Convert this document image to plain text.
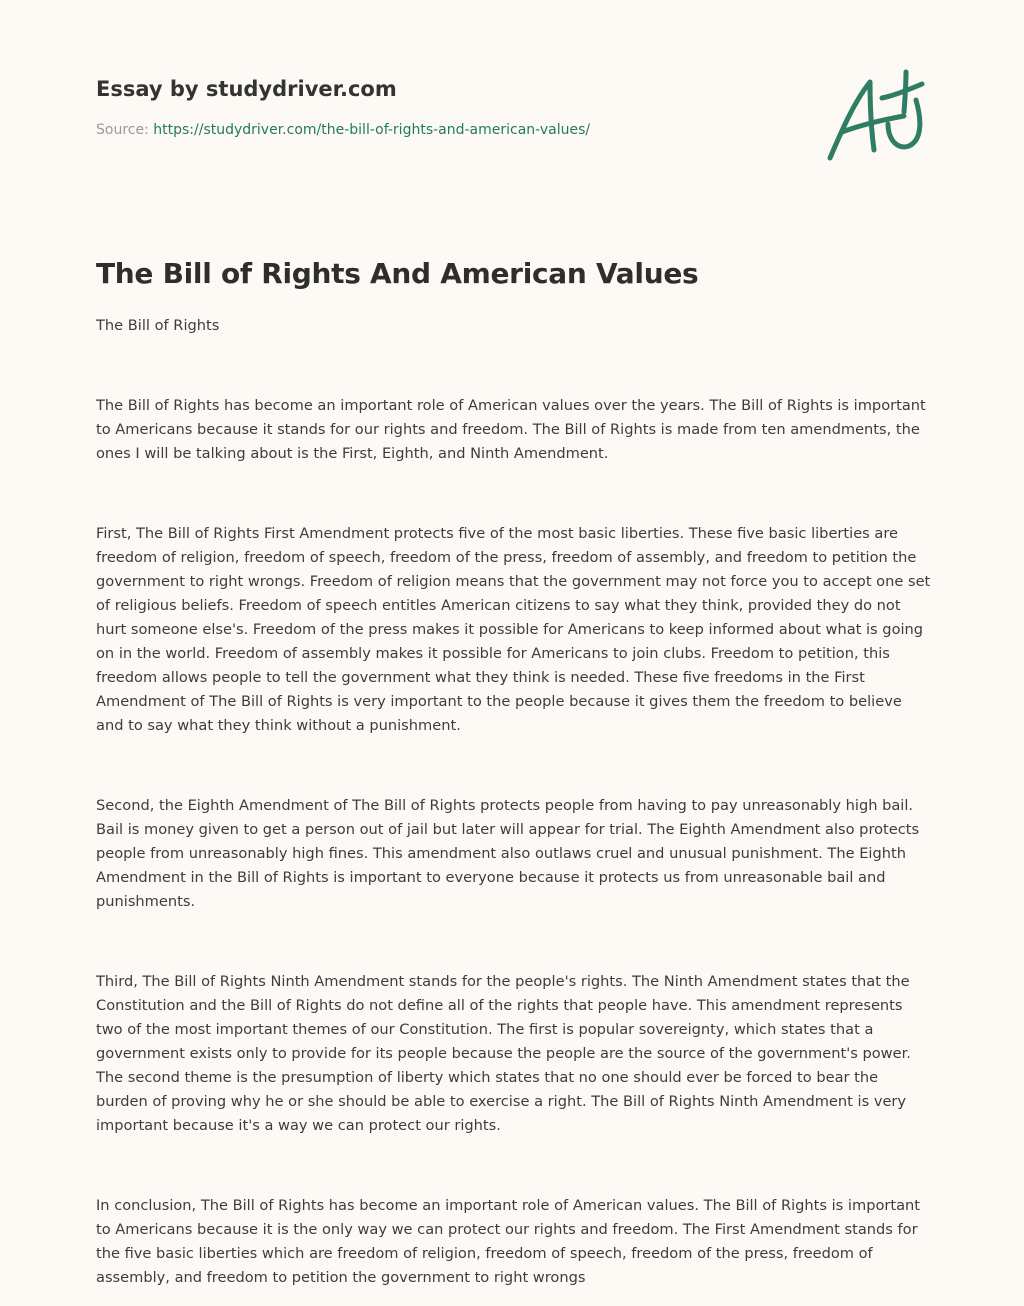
Essay by studydriver.com
Source: https://studydriver.com/the-bill-of-rights-and-american-values/
The Bill of Rights And American Values

The Bill of Rights

The Bill of Rights has become an important role of American values over the years. The Bill of Rights is important to Americans because it stands for our rights and freedom. The Bill of Rights is made from ten amendments, the ones I will be talking about is the First, Eighth, and Ninth Amendment.

First, The Bill of Rights First Amendment protects five of the most basic liberties. These five basic liberties are freedom of religion, freedom of speech, freedom of the press, freedom of assembly, and freedom to petition the government to right wrongs. Freedom of religion means that the government may not force you to accept one set of religious beliefs. Freedom of speech entitles American citizens to say what they think, provided they do not hurt someone else's. Freedom of the press makes it possible for Americans to keep informed about what is going on in the world. Freedom of assembly makes it possible for Americans to join clubs. Freedom to petition, this freedom allows people to tell the government what they think is needed. These five freedoms in the First Amendment of The Bill of Rights is very important to the people because it gives them the freedom to believe and to say what they think without a punishment.

Second, the Eighth Amendment of The Bill of Rights protects people from having to pay unreasonably high bail. Bail is money given to get a person out of jail but later will appear for trial. The Eighth Amendment also protects people from unreasonably high fines. This amendment also outlaws cruel and unusual punishment. The Eighth Amendment in the Bill of Rights is important to everyone because it protects us from unreasonable bail and punishments.

Third, The Bill of Rights Ninth Amendment stands for the people's rights. The Ninth Amendment states that the Constitution and the Bill of Rights do not define all of the rights that people have. This amendment represents two of the most important themes of our Constitution. The first is popular sovereignty, which states that a government exists only to provide for its people because the people are the source of the government's power. The second theme is the presumption of liberty which states that no one should ever be forced to bear the burden of proving why he or she should be able to exercise a right. The Bill of Rights Ninth Amendment is very important because it's a way we can protect our rights.

In conclusion, The Bill of Rights has become an important role of American values. The Bill of Rights is important to Americans because it is the only way we can protect our rights and freedom. The First Amendment stands for the five basic liberties which are freedom of religion, freedom of speech, freedom of the press, freedom of assembly, and freedom to petition the government to right wrongs
